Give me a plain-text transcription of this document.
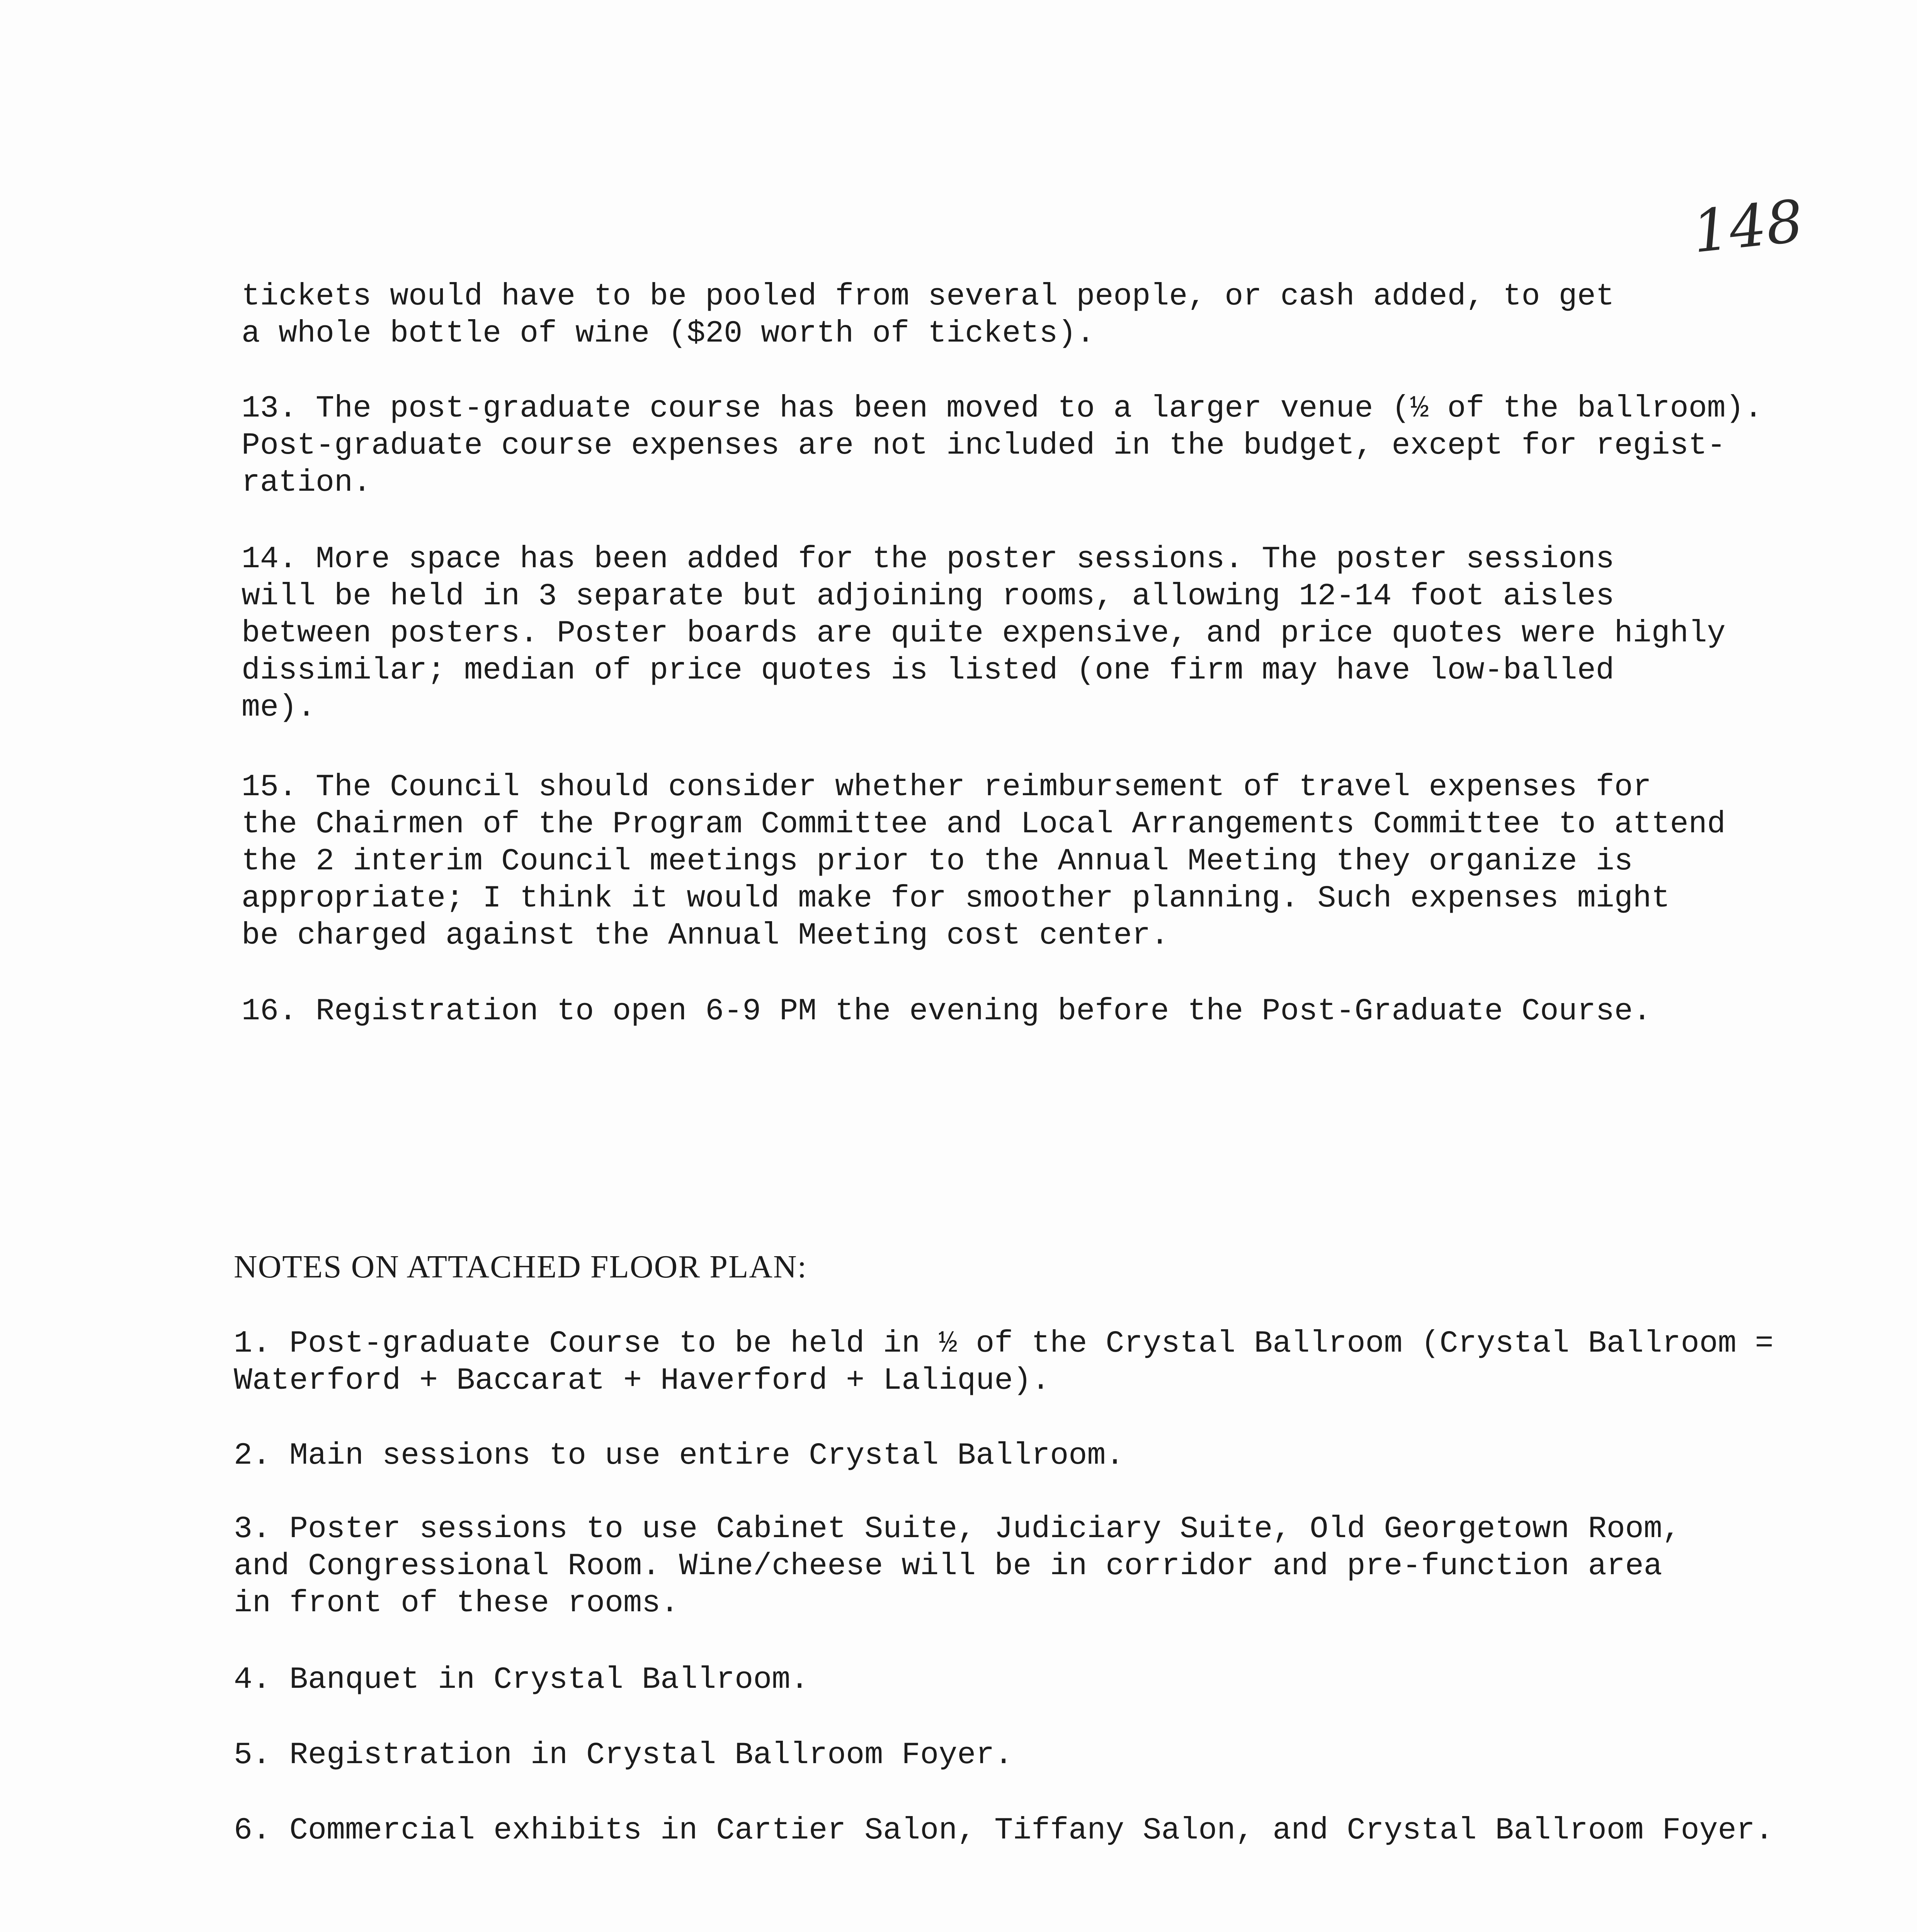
148
tickets would have to be pooled from several people, or cash added, to get
a whole bottle of wine ($20 worth of tickets).
13. The post-graduate course has been moved to a larger venue (½ of the ballroom).
Post-graduate course expenses are not included in the budget, except for regist-
ration.
14. More space has been added for the poster sessions. The poster sessions
will be held in 3 separate but adjoining rooms, allowing 12-14 foot aisles
between posters. Poster boards are quite expensive, and price quotes were highly
dissimilar; median of price quotes is listed (one firm may have low-balled
me).
15. The Council should consider whether reimbursement of travel expenses for
the Chairmen of the Program Committee and Local Arrangements Committee to attend
the 2 interim Council meetings prior to the Annual Meeting they organize is
appropriate; I think it would make for smoother planning. Such expenses might
be charged against the Annual Meeting cost center.
16. Registration to open 6-9 PM the evening before the Post-Graduate Course.
NOTES ON ATTACHED FLOOR PLAN:
1. Post-graduate Course to be held in ½ of the Crystal Ballroom (Crystal Ballroom =
Waterford + Baccarat + Haverford + Lalique).
2. Main sessions to use entire Crystal Ballroom.
3. Poster sessions to use Cabinet Suite, Judiciary Suite, Old Georgetown Room,
and Congressional Room. Wine/cheese will be in corridor and pre-function area
in front of these rooms.
4. Banquet in Crystal Ballroom.
5. Registration in Crystal Ballroom Foyer.
6. Commercial exhibits in Cartier Salon, Tiffany Salon, and Crystal Ballroom Foyer.
